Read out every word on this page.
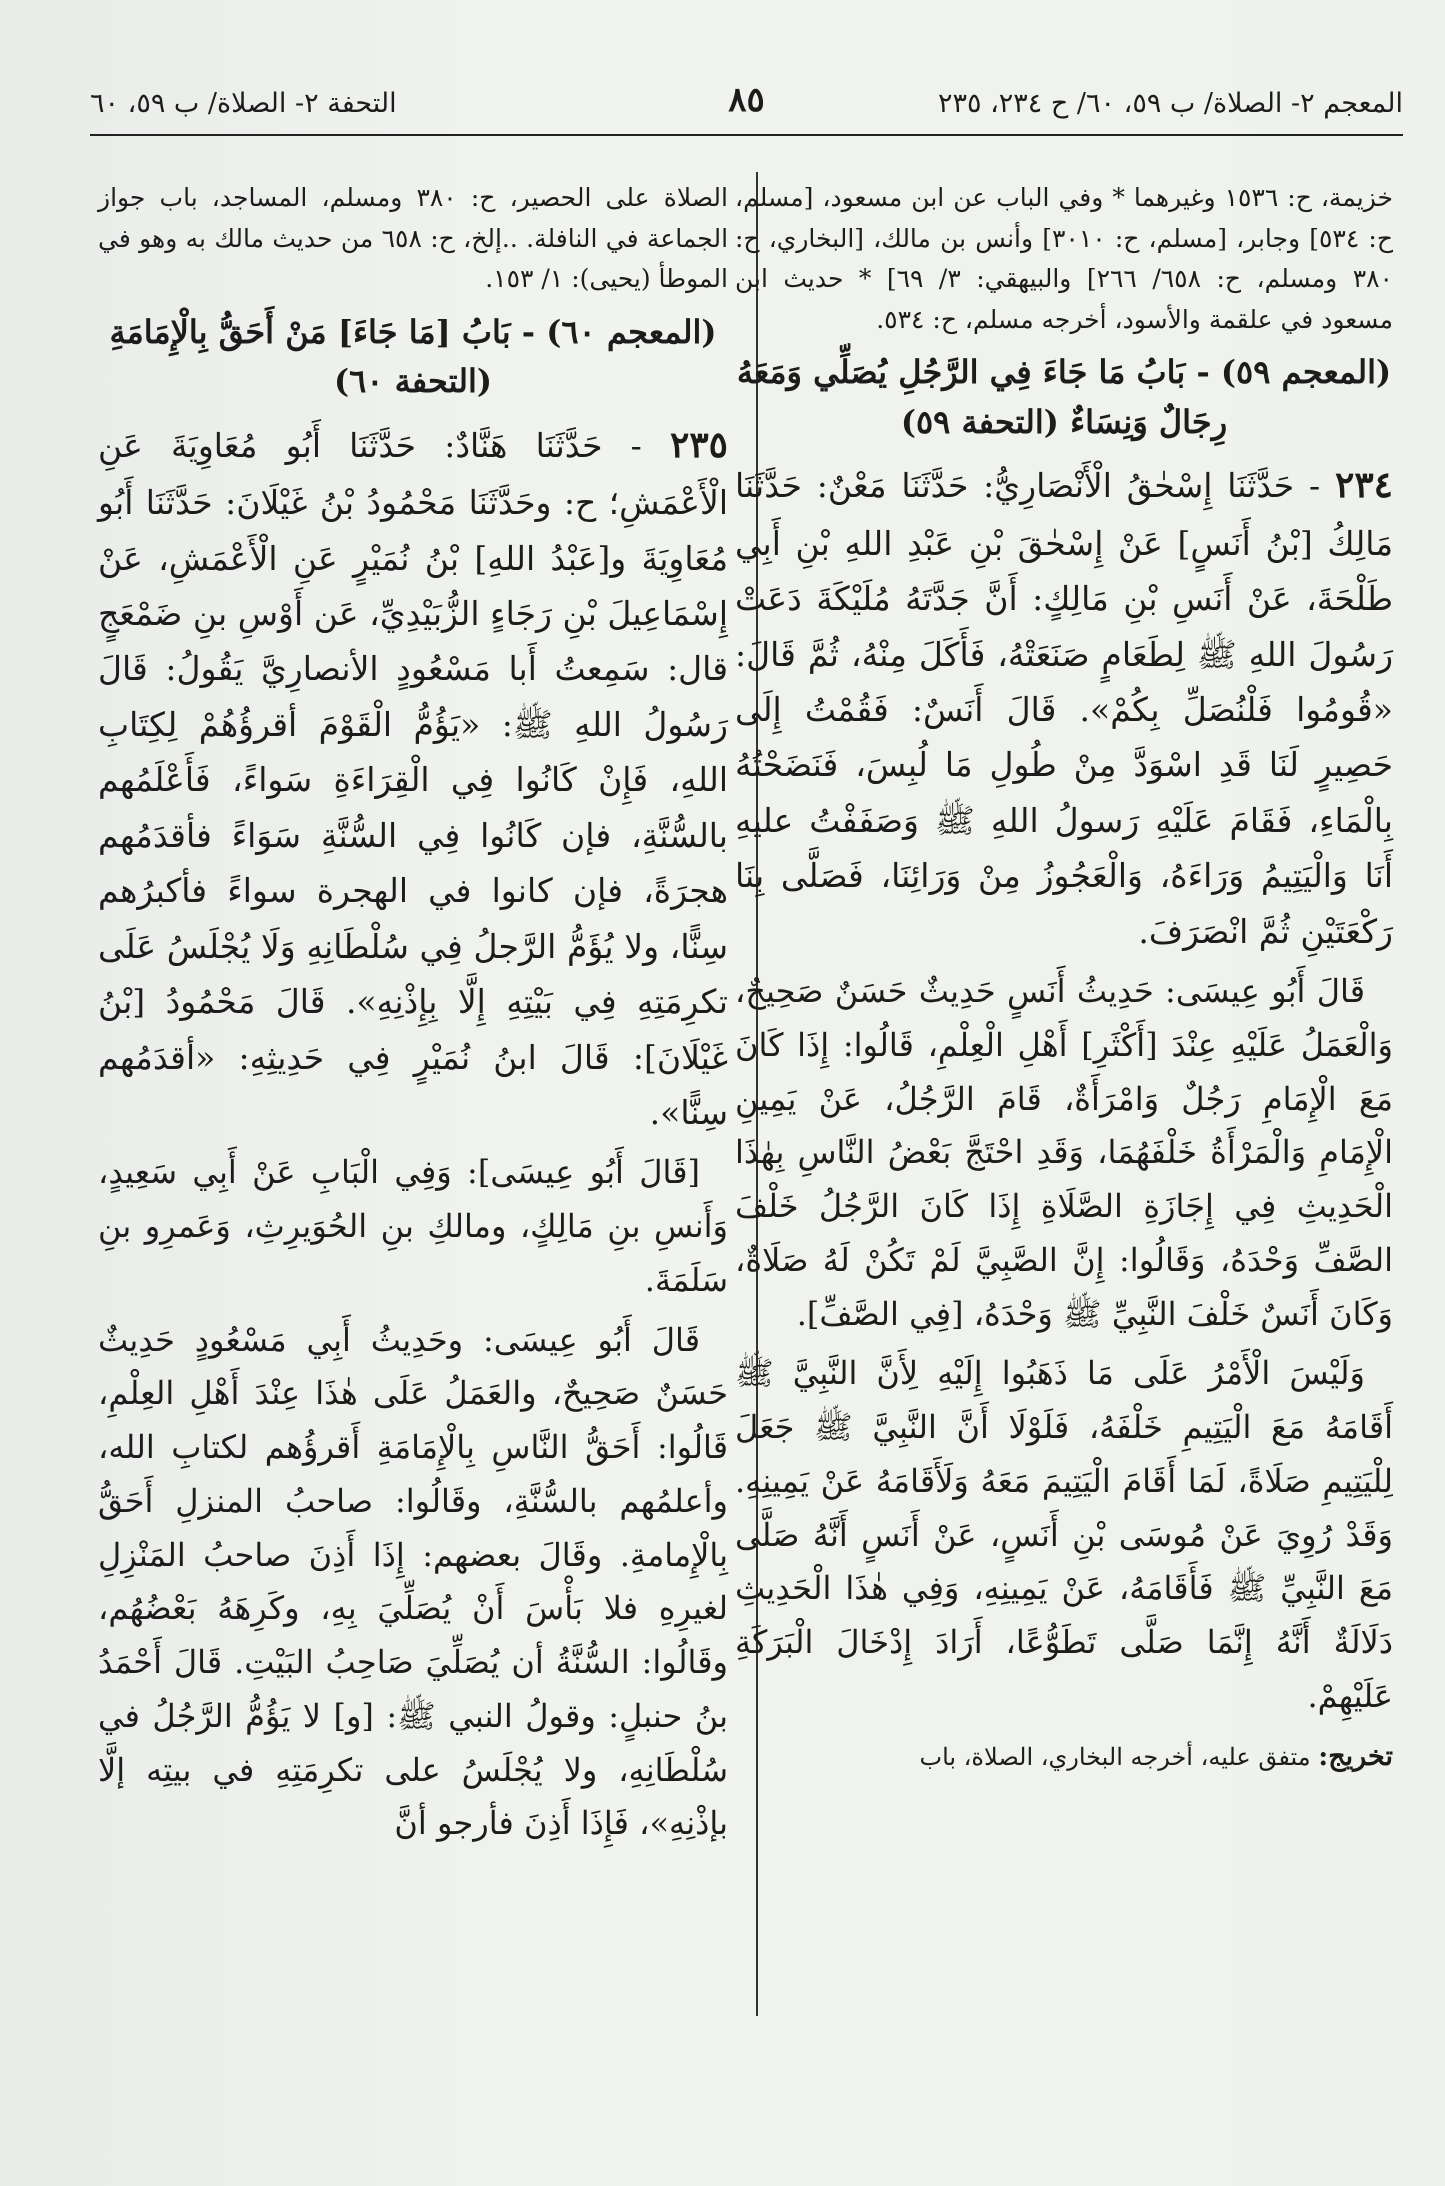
المعجم ٢- الصلاة/ ب ٥٩، ٦٠/ ح ٢٣٤، ٢٣٥
٨٥
التحفة ٢- الصلاة/ ب ٥٩، ٦٠

خزيمة، ح: ١٥٣٦ وغيرهما * وفي الباب عن ابن مسعود، [مسلم، ح: ٥٣٤] وجابر، [مسلم، ح: ٣٠١٠] وأنس بن مالك، [البخاري، ح: ٣٨٠ ومسلم، ح: ٦٥٨/ ٢٦٦] والبيهقي: ٣/ ٦٩] * حديث ابن مسعود في علقمة والأسود، أخرجه مسلم، ح: ٥٣٤.

(المعجم ٥٩) - بَابُ مَا جَاءَ فِي الرَّجُلِ يُصَلِّي وَمَعَهُ رِجَالٌ وَنِسَاءٌ (التحفة ٥٩)

٢٣٤ - حَدَّثَنَا إِسْحٰقُ الْأَنْصَارِيُّ: حَدَّثَنَا مَعْنٌ: حَدَّثَنَا مَالِكُ [بْنُ أَنَسٍ] عَنْ إِسْحٰقَ بْنِ عَبْدِ اللهِ بْنِ أَبِي طَلْحَةَ، عَنْ أَنَسِ بْنِ مَالِكٍ: أَنَّ جَدَّتَهُ مُلَيْكَةَ دَعَتْ رَسُولَ اللهِ ﷺ لِطَعَامٍ صَنَعَتْهُ، فَأَكَلَ مِنْهُ، ثُمَّ قَالَ: «قُومُوا فَلْنُصَلِّ بِكُمْ». قَالَ أَنَسٌ: فَقُمْتُ إِلَى حَصِيرٍ لَنَا قَدِ اسْوَدَّ مِنْ طُولِ مَا لُبِسَ، فَنَضَحْتُهُ بِالْمَاءِ، فَقَامَ عَلَيْهِ رَسولُ اللهِ ﷺ وَصَفَفْتُ عليهِ أَنَا وَالْيَتِيمُ وَرَاءَهُ، وَالْعَجُوزُ مِنْ وَرَائِنَا، فَصَلَّى بِنَا رَكْعَتَيْنِ ثُمَّ انْصَرَفَ.

قَالَ أَبُو عِيسَى: حَدِيثُ أَنَسٍ حَدِيثٌ حَسَنٌ صَحِيحٌ، وَالْعَمَلُ عَلَيْهِ عِنْدَ [أَكْثَرِ] أَهْلِ الْعِلْمِ، قَالُوا: إِذَا كَانَ مَعَ الْإِمَامِ رَجُلٌ وَامْرَأَةٌ، قَامَ الرَّجُلُ، عَنْ يَمِينِ الْإِمَامِ وَالْمَرْأَةُ خَلْفَهُمَا، وَقَدِ احْتَجَّ بَعْضُ النَّاسِ بِهٰذَا الْحَدِيثِ فِي إِجَازَةِ الصَّلَاةِ إِذَا كَانَ الرَّجُلُ خَلْفَ الصَّفِّ وَحْدَهُ، وَقَالُوا: إِنَّ الصَّبِيَّ لَمْ تَكُنْ لَهُ صَلَاةٌ، وَكَانَ أَنَسٌ خَلْفَ النَّبِيِّ ﷺ وَحْدَهُ، [فِي الصَّفِّ].

وَلَيْسَ الْأَمْرُ عَلَى مَا ذَهَبُوا إِلَيْهِ لِأَنَّ النَّبِيَّ ﷺ أَقَامَهُ مَعَ الْيَتِيمِ خَلْفَهُ، فَلَوْلَا أَنَّ النَّبِيَّ ﷺ جَعَلَ لِلْيَتِيمِ صَلَاةً، لَمَا أَقَامَ الْيَتِيمَ مَعَهُ وَلَأَقَامَهُ عَنْ يَمِينِهِ. وَقَدْ رُوِيَ عَنْ مُوسَى بْنِ أَنَسٍ، عَنْ أَنَسٍ أَنَّهُ صَلَّى مَعَ النَّبِيِّ ﷺ فَأَقَامَهُ، عَنْ يَمِينِهِ، وَفِي هٰذَا الْحَدِيثِ دَلَالَةٌ أَنَّهُ إِنَّمَا صَلَّى تَطَوُّعًا، أَرَادَ إِدْخَالَ الْبَرَكَةِ عَلَيْهِمْ.

تخريج: متفق عليه، أخرجه البخاري، الصلاة، باب

الصلاة على الحصير، ح: ٣٨٠ ومسلم، المساجد، باب جواز الجماعة في النافلة. ..إلخ، ح: ٦٥٨ من حديث مالك به وهو في الموطأ (يحيى): ١/ ١٥٣.

(المعجم ٦٠) - بَابُ [مَا جَاءَ] مَنْ أَحَقُّ بِالْإِمَامَةِ (التحفة ٦٠)

٢٣٥ - حَدَّثَنَا هَنَّادٌ: حَدَّثَنَا أَبُو مُعَاوِيَةَ عَنِ الْأَعْمَشِ؛ ح: وحَدَّثَنَا مَحْمُودُ بْنُ غَيْلَانَ: حَدَّثَنَا أَبُو مُعَاوِيَةَ و[عَبْدُ اللهِ] بْنُ نُمَيْرٍ عَنِ الْأَعْمَشِ، عَنْ إِسْمَاعِيلَ بْنِ رَجَاءٍ الزُّبَيْدِيِّ، عَن أَوْسِ بنِ ضَمْعَجٍ قال: سَمِعتُ أَبا مَسْعُودٍ الأنصارِيَّ يَقُولُ: قَالَ رَسُولُ اللهِ ﷺ: «يَؤُمُّ الْقَوْمَ أقرؤُهُمْ لِكِتَابِ اللهِ، فَإِنْ كَانُوا فِي الْقِرَاءَةِ سَواءً، فَأَعْلَمُهم بالسُّنَّةِ، فإن كَانُوا فِي السُّنَّةِ سَوَاءً فأقدَمُهم هجرَةً، فإن كانوا في الهجرة سواءً فأكبرُهم سِنًّا، ولا يُؤَمُّ الرَّجلُ فِي سُلْطَانِهِ وَلَا يُجْلَسُ عَلَى تكرِمَتِهِ فِي بَيْتِهِ إِلَّا بِإِذْنِهِ». قَالَ مَحْمُودُ [بْنُ غَيْلَانَ]: قَالَ ابنُ نُمَيْرٍ فِي حَدِيثِهِ: «أقدَمُهم سِنًّا».

[قَالَ أَبُو عِيسَى]: وَفِي الْبَابِ عَنْ أَبِي سَعِيدٍ، وَأَنسِ بنِ مَالِكٍ، ومالكِ بنِ الحُوَيرِثِ، وَعَمرِو بنِ سَلَمَةَ.

قَالَ أَبُو عِيسَى: وحَدِيثُ أَبِي مَسْعُودٍ حَدِيثٌ حَسَنٌ صَحِيحٌ، والعَمَلُ عَلَى هٰذَا عِنْدَ أَهْلِ العِلْمِ، قَالُوا: أَحَقُّ النَّاسِ بِالْإِمَامَةِ أَقرؤُهم لكتابِ الله، وأعلمُهم بالسُّنَّةِ، وقَالُوا: صاحبُ المنزلِ أَحَقُّ بِالْإِمامةِ. وقَالَ بعضهم: إِذَا أَذِنَ صاحبُ المَنْزِلِ لغيرِهِ فلا بَأْسَ أَنْ يُصَلِّيَ بِهِ، وكَرِهَهُ بَعْضُهُم، وقَالُوا: السُّنَّةُ أن يُصَلِّيَ صَاحِبُ البَيْتِ. قَالَ أَحْمَدُ بنُ حنبلٍ: وقولُ النبي ﷺ: [و] لا يَؤُمُّ الرَّجُلُ في سُلْطَانِهِ، ولا يُجْلَسُ على تكرِمَتِهِ في بيتِه إلَّا بإذْنِهِ»، فَإِذَا أَذِنَ فأرجو أنَّ
